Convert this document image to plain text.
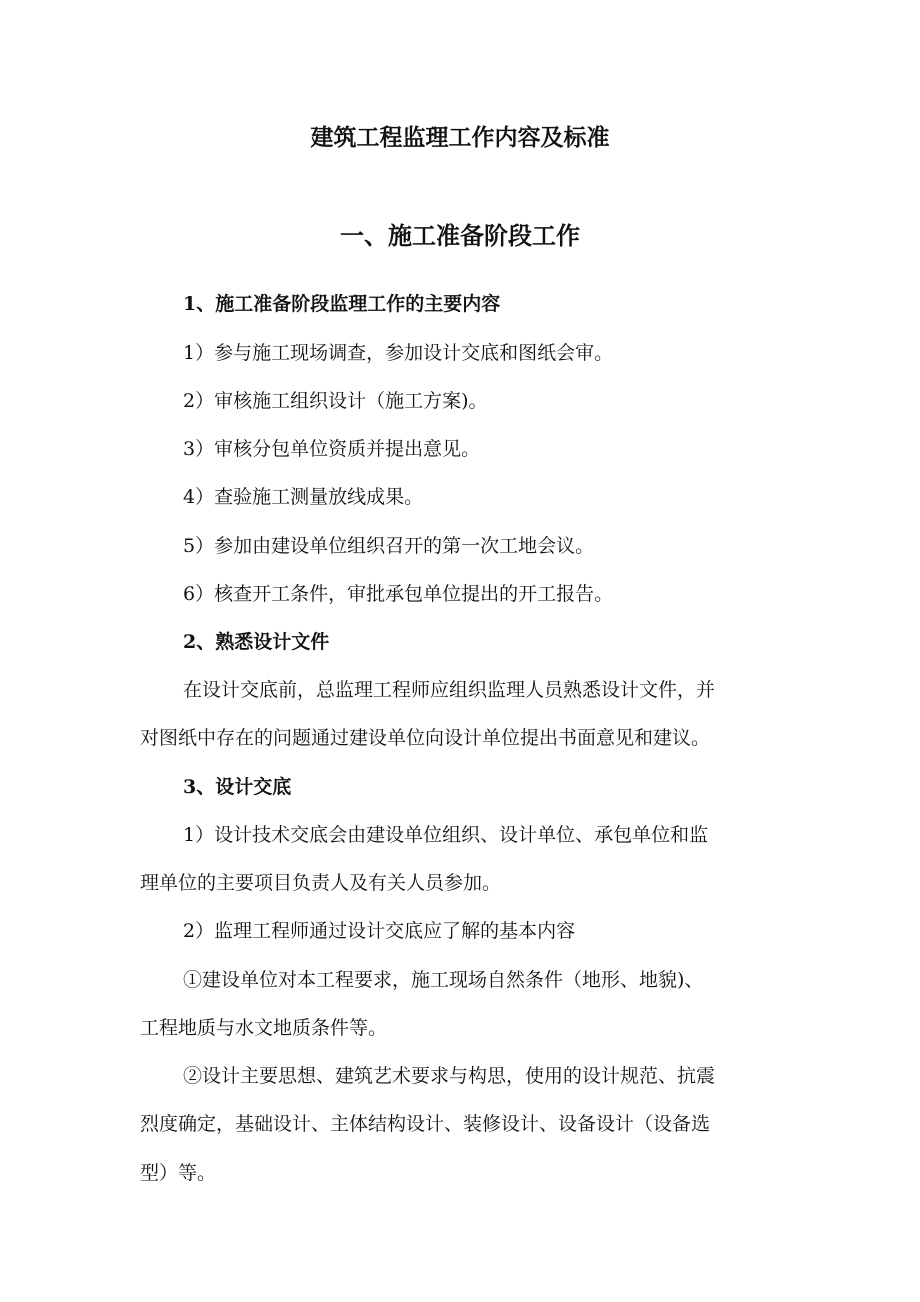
建筑工程监理工作内容及标准
一、施工准备阶段工作
1、施工准备阶段监理工作的主要内容
1）参与施工现场调查，参加设计交底和图纸会审。
2）审核施工组织设计（施工方案)。
3）审核分包单位资质并提出意见。
4）查验施工测量放线成果。
5）参加由建设单位组织召开的第一次工地会议。
6）核查开工条件，审批承包单位提出的开工报告。
2、熟悉设计文件
在设计交底前，总监理工程师应组织监理人员熟悉设计文件，并
对图纸中存在的问题通过建设单位向设计单位提出书面意见和建议。
3、设计交底
1）设计技术交底会由建设单位组织、设计单位、承包单位和监
理单位的主要项目负责人及有关人员参加。
2）监理工程师通过设计交底应了解的基本内容
①建设单位对本工程要求，施工现场自然条件（地形、地貌)、
工程地质与水文地质条件等。
②设计主要思想、建筑艺术要求与构思，使用的设计规范、抗震
烈度确定，基础设计、主体结构设计、装修设计、设备设计（设备选
型）等。
